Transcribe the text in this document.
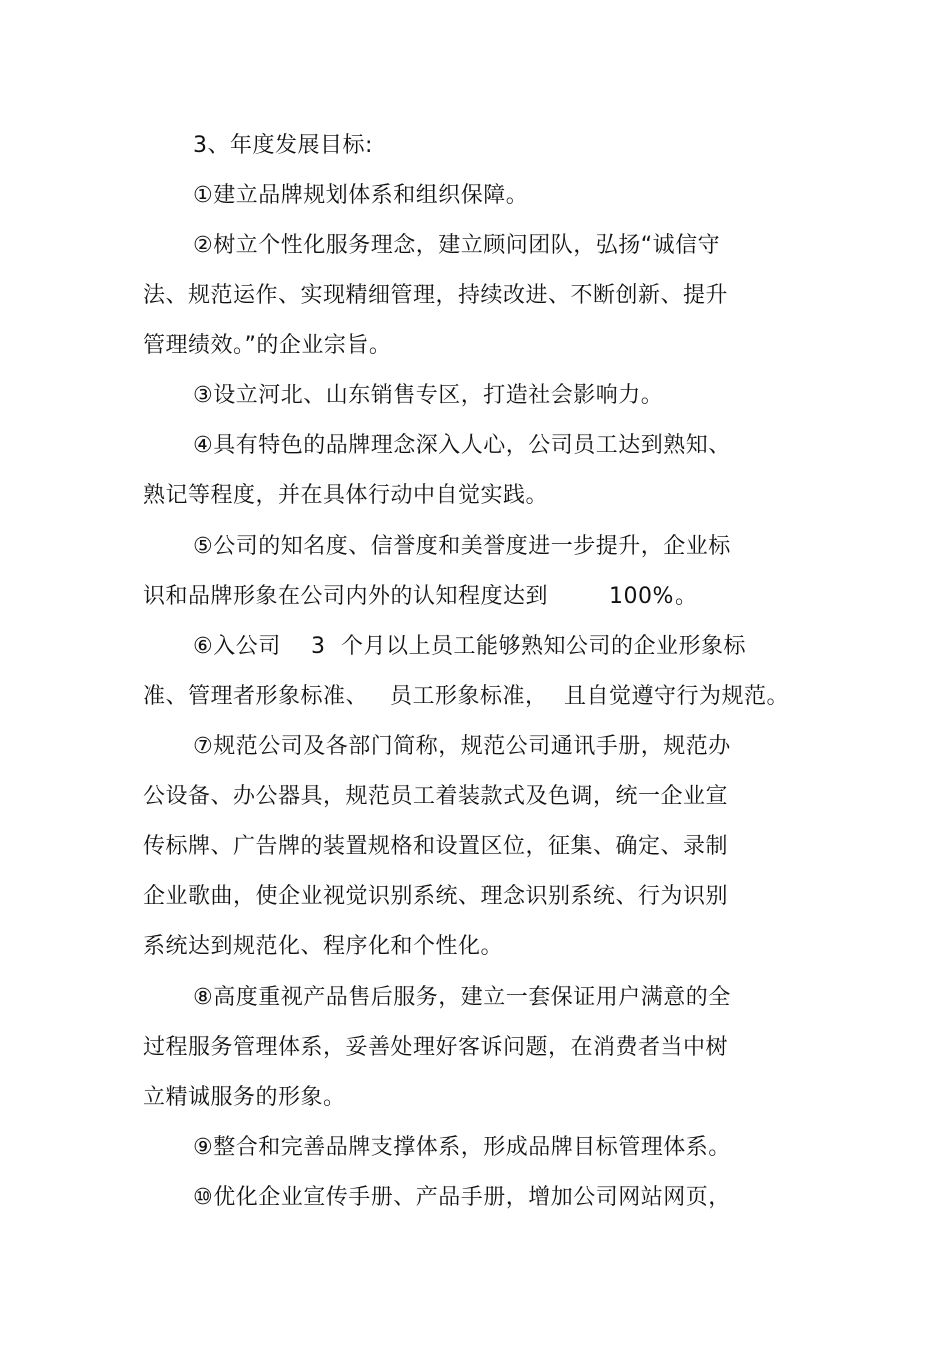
3、年度发展目标:
①建立品牌规划体系和组织保障。
②树立个性化服务理念，建立顾问团队，弘扬“诚信守
法、规范运作、实现精细管理，持续改进、不断创新、提升
管理绩效。”的企业宗旨。
③设立河北、山东销售专区，打造社会影响力。
④具有特色的品牌理念深入人心，公司员工达到熟知、
熟记等程度，并在具体行动中自觉实践。
⑤公司的知名度、信誉度和美誉度进一步提升，企业标
识和品牌形象在公司内外的认知程度达到	100% 。
⑥入公司 3 个月以上员工能够熟知公司的企业形象标
准、管理者形象标准、 员工形象标准， 且自觉遵守行为规范。
⑦规范公司及各部门简称，规范公司通讯手册，规范办
公设备、办公器具，规范员工着装款式及色调，统一企业宣
传标牌、广告牌的装置规格和设置区位，征集、确定、录制
企业歌曲，使企业视觉识别系统、理念识别系统、行为识别
系统达到规范化、程序化和个性化。
⑧高度重视产品售后服务，建立一套保证用户满意的全
过程服务管理体系，妥善处理好客诉问题，在消费者当中树
立精诚服务的形象。
⑨整合和完善品牌支撑体系，形成品牌目标管理体系。
⑩优化企业宣传手册、产品手册，增加公司网站网页，
